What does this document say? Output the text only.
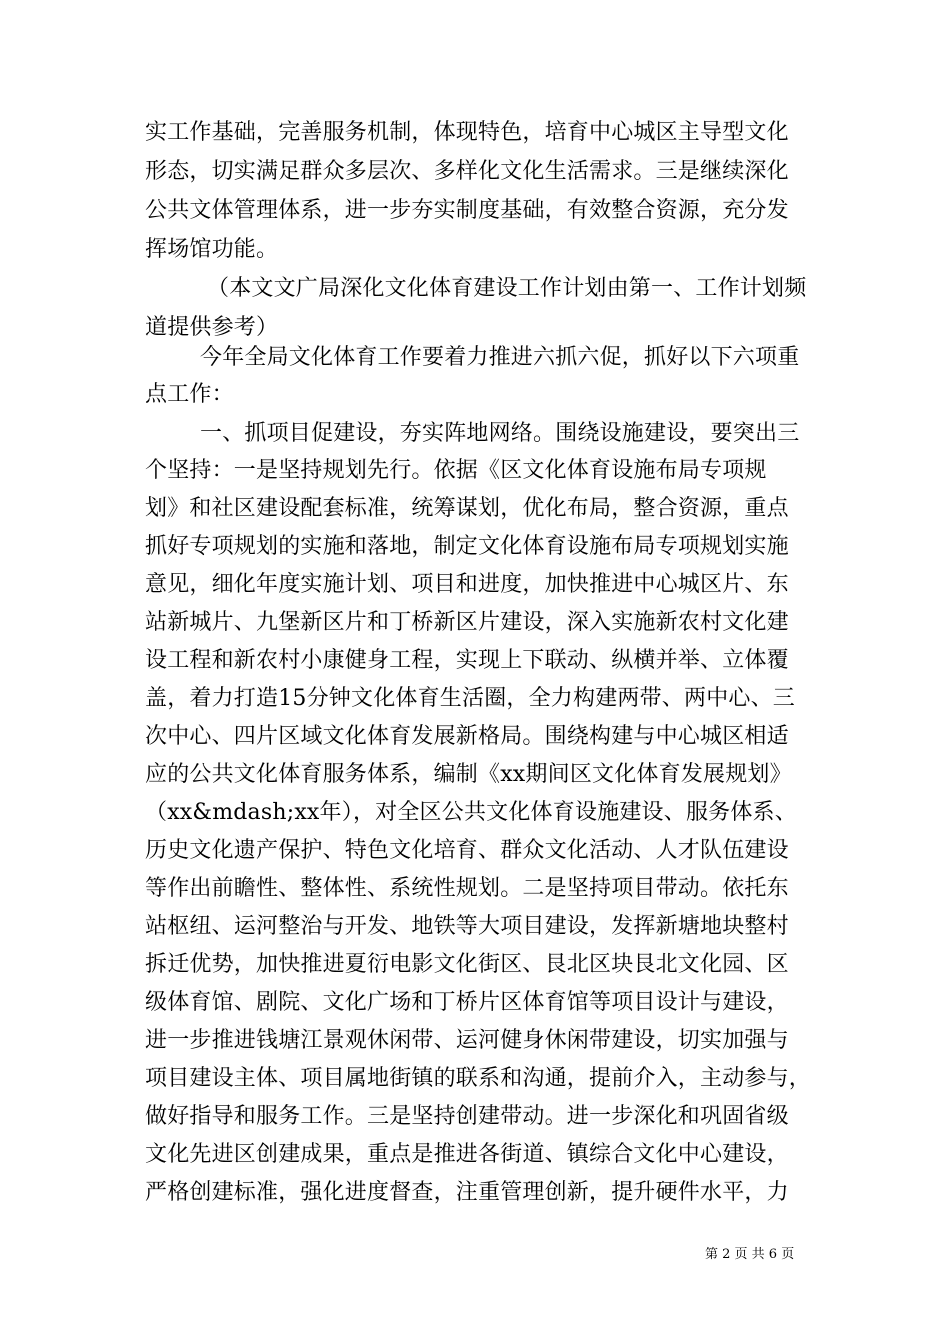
实工作基础，完善服务机制，体现特色，培育中心城区主导型文化
形态，切实满足群众多层次、多样化文化生活需求。三是继续深化
公共文体管理体系，进一步夯实制度基础，有效整合资源，充分发
挥场馆功能。
（本文文广局深化文化体育建设工作计划由第一、工作计划频
道提供参考）
今年全局文化体育工作要着力推进六抓六促，抓好以下六项重
点工作：
一、抓项目促建设，夯实阵地网络。围绕设施建设，要突出三
个坚持：一是坚持规划先行。依据《区文化体育设施布局专项规
划》和社区建设配套标准，统筹谋划，优化布局，整合资源，重点
抓好专项规划的实施和落地，制定文化体育设施布局专项规划实施
意见，细化年度实施计划、项目和进度，加快推进中心城区片、东
站新城片、九堡新区片和丁桥新区片建设，深入实施新农村文化建
设工程和新农村小康健身工程，实现上下联动、纵横并举、立体覆
盖，着力打造15分钟文化体育生活圈，全力构建两带、两中心、三
次中心、四片区域文化体育发展新格局。围绕构建与中心城区相适
应的公共文化体育服务体系，编制《xx期间区文化体育发展规划》
（xx&mdash;xx年），对全区公共文化体育设施建设、服务体系、
历史文化遗产保护、特色文化培育、群众文化活动、人才队伍建设
等作出前瞻性、整体性、系统性规划。二是坚持项目带动。依托东
站枢纽、运河整治与开发、地铁等大项目建设，发挥新塘地块整村
拆迁优势，加快推进夏衍电影文化街区、艮北区块艮北文化园、区
级体育馆、剧院、文化广场和丁桥片区体育馆等项目设计与建设，
进一步推进钱塘江景观休闲带、运河健身休闲带建设，切实加强与
项目建设主体、项目属地街镇的联系和沟通，提前介入，主动参与，
做好指导和服务工作。三是坚持创建带动。进一步深化和巩固省级
文化先进区创建成果，重点是推进各街道、镇综合文化中心建设，
严格创建标准，强化进度督查，注重管理创新，提升硬件水平，力
第 2 页 共 6 页
